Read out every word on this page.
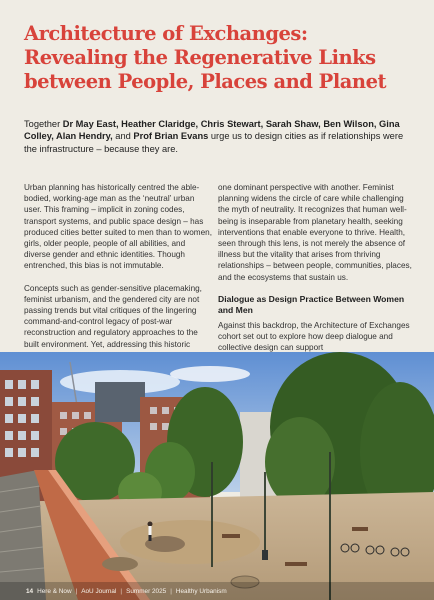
Architecture of Exchanges:
Revealing the Regenerative Links
between People, Places and Planet

Together Dr May East, Heather Claridge, Chris Stewart, Sarah Shaw, Ben Wilson, Gina Colley, Alan Hendry, and Prof Brian Evans urge us to design cities as if relationships were the infrastructure – because they are.

Urban planning has historically centred the able-bodied, working-age man as the ‘neutral’ urban user. This framing – implicit in zoning codes, transport systems, and public space design – has produced cities better suited to men than to women, girls, older people, people of all abilities, and diverse gender and ethnic identities. Though entrenched, this bias is not immutable.

Concepts such as gender-sensitive placemaking, feminist urbanism, and the gendered city are not passing trends but vital critiques of the lingering command-and-control legacy of post-war reconstruction and regulatory approaches to the built environment. Yet, addressing this historic

one dominant perspective with another. Feminist planning widens the circle of care while challenging the myth of neutrality. It recognizes that human well-being is inseparable from planetary health, seeking interventions that enable everyone to thrive. Health, seen through this lens, is not merely the absence of illness but the vitality that arises from thriving relationships – between people, communities, places, and the ecosystems that sustain us.

Dialogue as Design Practice Between Women and Men

Against this backdrop, the Architecture of Exchanges cohort set out to explore how deep dialogue and collective design can support

14 Here & Now | AoU Journal | Summer 2025 | Healthy Urbanism
